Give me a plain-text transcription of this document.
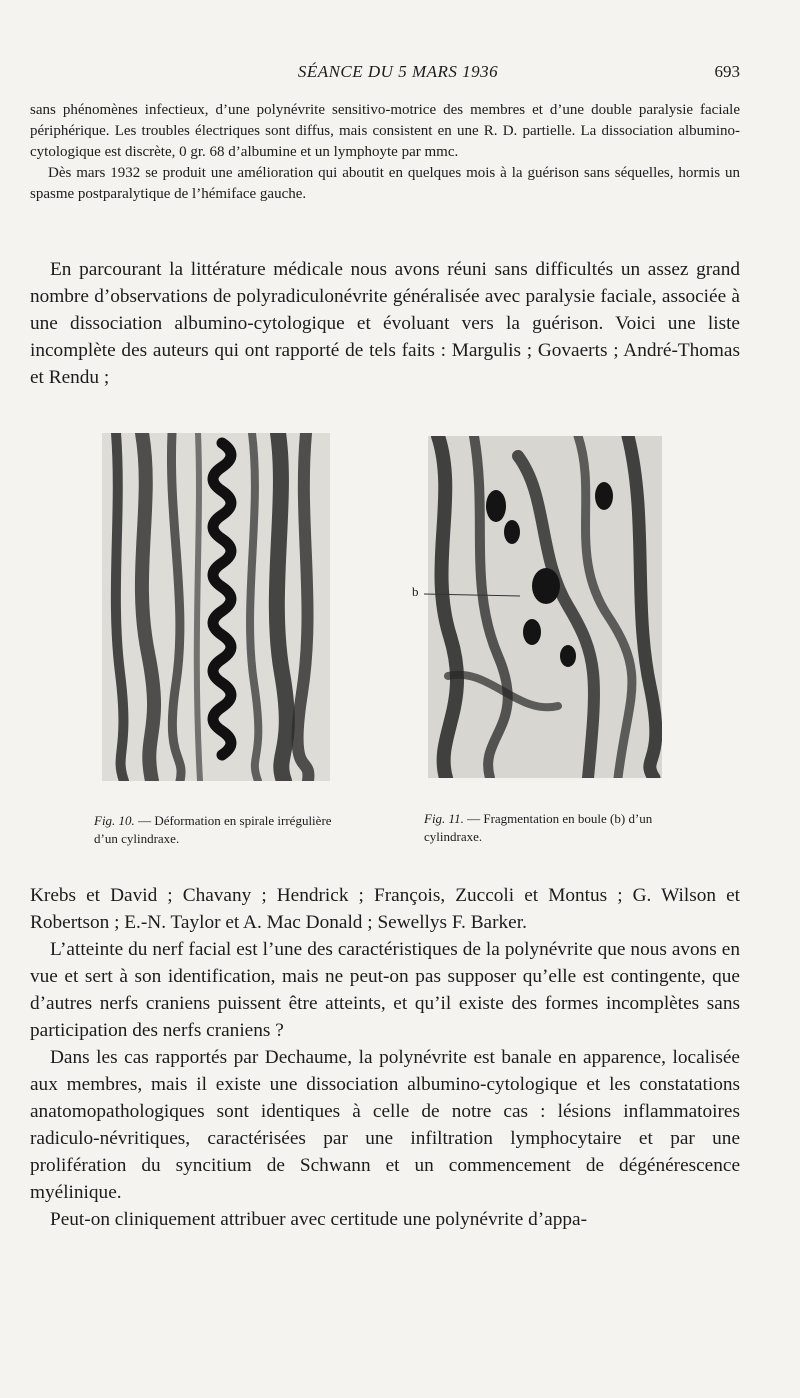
SÉANCE DU 5 MARS 1936	693

sans phénomènes infectieux, d’une polynévrite sensitivo-motrice des membres et d’une double paralysie faciale périphérique. Les troubles électriques sont diffus, mais consistent en une R. D. partielle. La dissociation albumino-cytologique est discrète, 0 gr. 68 d’albumine et un lymphoyte par mmc.

Dès mars 1932 se produit une amélioration qui aboutit en quelques mois à la guérison sans séquelles, hormis un spasme postparalytique de l’hémiface gauche.

En parcourant la littérature médicale nous avons réuni sans difficultés un assez grand nombre d’observations de polyradiculonévrite généralisée avec paralysie faciale, associée à une dissociation albumino-cytologique et évoluant vers la guérison. Voici une liste incomplète des auteurs qui ont rapporté de tels faits : Margulis ; Govaerts ; André-Thomas et Rendu ;

Fig. 10. — Déformation en spirale irrégulière d’un cylindraxe.
b
Fig. 11. — Fragmentation en boule (b) d’un cylindraxe.

Krebs et David ; Chavany ; Hendrick ; François, Zuccoli et Montus ; G. Wilson et Robertson ; E.-N. Taylor et A. Mac Donald ; Sewellys F. Barker.

L’atteinte du nerf facial est l’une des caractéristiques de la polynévrite que nous avons en vue et sert à son identification, mais ne peut-on pas supposer qu’elle est contingente, que d’autres nerfs craniens puissent être atteints, et qu’il existe des formes incomplètes sans participation des nerfs craniens ?

Dans les cas rapportés par Dechaume, la polynévrite est banale en apparence, localisée aux membres, mais il existe une dissociation albumino-cytologique et les constatations anatomopathologiques sont identiques à celle de notre cas : lésions inflammatoires radiculo-névritiques, caractérisées par une infiltration lymphocytaire et par une prolifération du syncitium de Schwann et un commencement de dégénérescence myélinique.

Peut-on cliniquement attribuer avec certitude une polynévrite d’appa-
